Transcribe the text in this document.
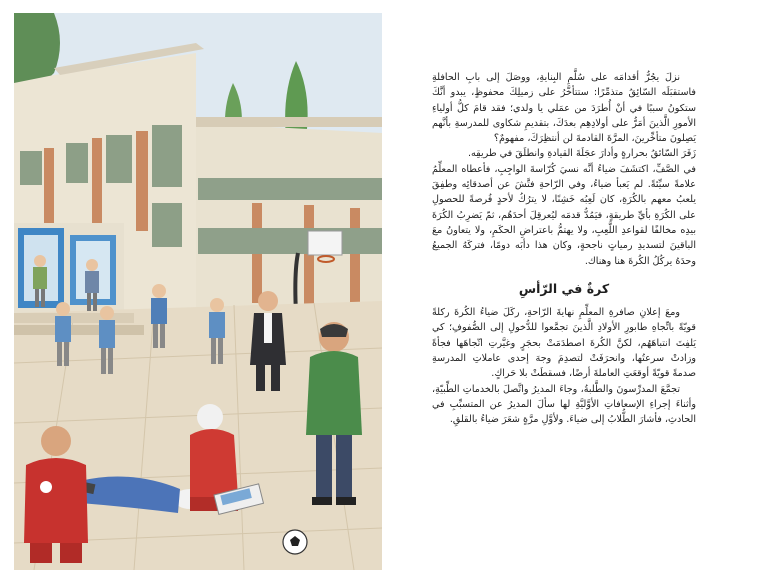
نزلَ يجُرُّ أقدامَه على سُلَّمِ البِنايةِ، ووصَلَ إلى بابِ الحافلةِ فاستقبَلَه السّائِقُ متذمِّرًا: ستتأخَّرُ على زميلِكَ محفوظٍ، يبدو أنَّكَ ستكونُ سببًا في أنْ أُطرَدَ من عمَلي يا ولدي؛ فقد قامَ كلُّ أولياءِ الأمورِ الَّذينَ أمَرُّ على أولادِهِم بعدَكَ، بتقديمِ شكاوى للمدرسةِ بأنَّهم يَصِلونَ متأخِّرينَ، المرَّةَ القادمةَ لن أنتظِرَكَ، مفهومٌ؟

زَفَرَ السّائقُ بحرارةٍ وأدارَ عجَلَةَ القيادةِ وانطلَقَ في طريقِه.

في الصَّفِّ، اكتشَفَ ضياءُ أنَّه نسيَ كُرّاسةَ الواجِبِ، فأعطاه المعلِّمُ علامةً سيِّئةً. لم يَعبأ ضياءُ، وفي الرّاحةِ فتَّشَ عن أصدقائِه وطفِقَ يلعبُ معهم بالكُرَةِ، كان لَعِبُه خَشِنًا، لا يترُكُ لأحدٍ فُرصةً للحصولِ على الكُرَةِ بأيِّ طريقةٍ، فيَمُدُّ قدمَه ليُعرقِلَ أحدَهُم، ثمّ يَضرِبُ الكُرَةَ بيدِه مخالفًا لقواعدِ اللَّعِبِ، ولا يهتمُّ باعتراضِ الحكَمِ، ولا يتعاونُ معَ الباقينَ لتسديدِ رمياتٍ ناجحةٍ، وكان هذا دأبَه دومًا، فتركَهُ الجميعُ وحدَهُ يركُلُ الكُرةَ هنا وهناك.

كرةٌ في الرّأسِ

ومعَ إعلانِ صافرةِ المعلِّمِ نهايةَ الرّاحةِ، ركَلَ ضياءُ الكُرةَ ركلةً قويّةً باتِّجاهِ طابورِ الأولادِ الَّذينَ تجمَّعوا للدُّخولِ إلى الصُّفوفِ؛ كي يَلفِتَ انتباهَهُم، لكنَّ الكُرةَ اصطدَمَتْ بحجَرٍ وغيَّرتِ اتّجاهَها فجأةً وزادتْ سرعتُها، وانحرَفَتْ لتصدِمَ وجهَ إحدى عاملاتِ المدرسةِ صدمةً قويّةً أوقعَتِ العاملةَ أرضًا، فسقطَتْ بلا حَراكٍ.

تجمَّعَ المدرِّسونَ والطَّلبةُ، وجاءَ المديرُ واتَّصلَ بالخدماتِ الطِّبيّةِ، وأثناءَ إجراءِ الإسعافاتِ الأوَّليَّةِ لها سألَ المديرُ عن المتسبِّبِ في الحادثِ، فأشارَ الطُّلابُ إلى ضياءَ. ولأوَّلِ مرَّةٍ شعَرَ ضياءُ بالقلقِ.
